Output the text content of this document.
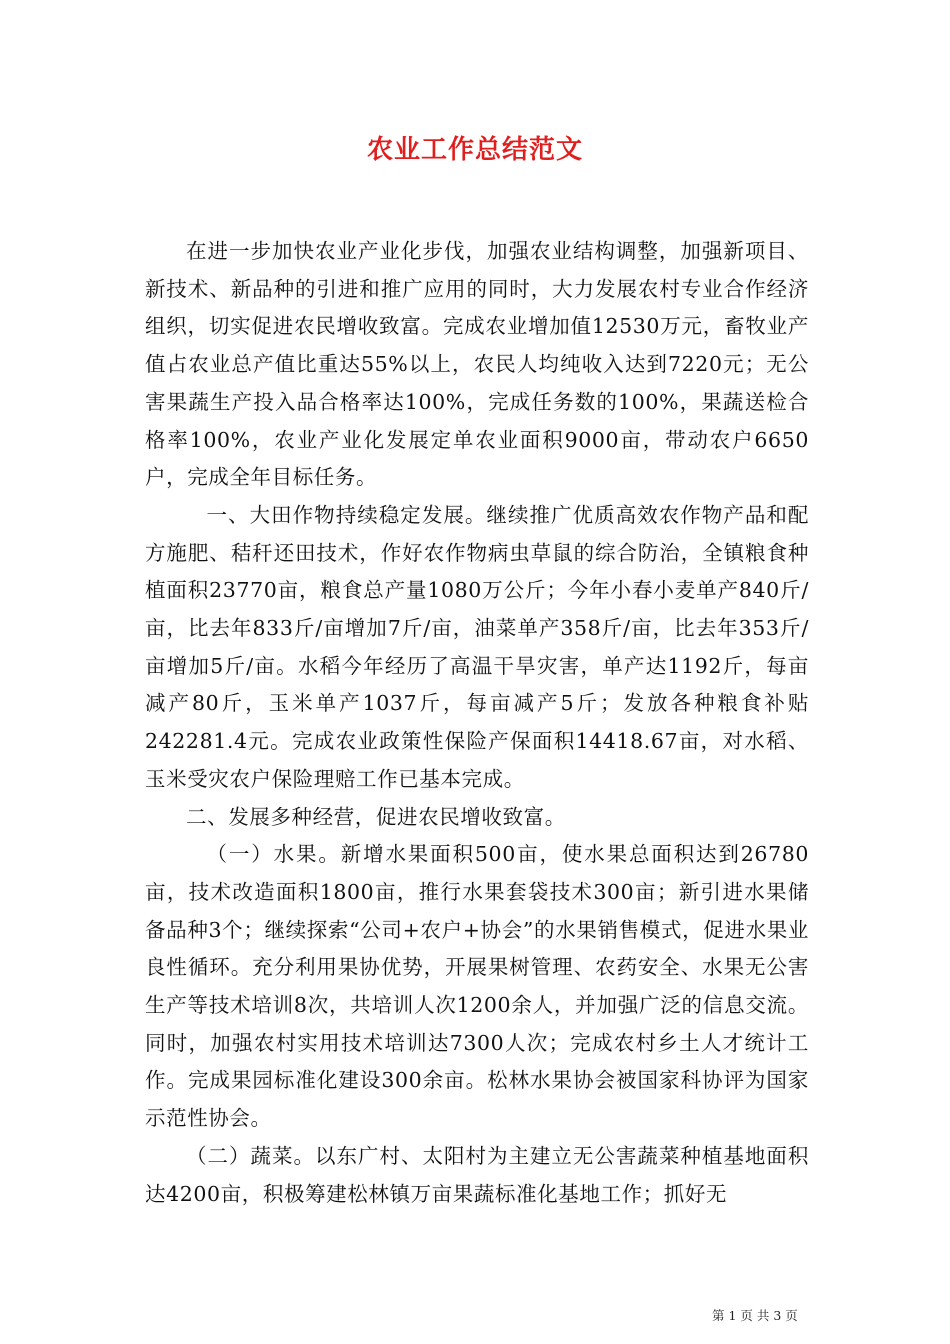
农业工作总结范文

在进一步加快农业产业化步伐，加强农业结构调整，加强新项目、新技术、新品种的引进和推广应用的同时，大力发展农村专业合作经济组织，切实促进农民增收致富。完成农业增加值12530万元，畜牧业产值占农业总产值比重达55%以上，农民人均纯收入达到7220元；无公害果蔬生产投入品合格率达100%，完成任务数的100%，果蔬送检合格率100%，农业产业化发展定单农业面积9000亩，带动农户6650户，完成全年目标任务。

一、大田作物持续稳定发展。继续推广优质高效农作物产品和配方施肥、秸秆还田技术，作好农作物病虫草鼠的综合防治，全镇粮食种植面积23770亩，粮食总产量1080万公斤；今年小春小麦单产840斤/亩，比去年833斤/亩增加7斤/亩，油菜单产358斤/亩，比去年353斤/亩增加5斤/亩。水稻今年经历了高温干旱灾害，单产达1192斤，每亩减产80斤，玉米单产1037斤，每亩减产5斤；发放各种粮食补贴242281.4元。完成农业政策性保险产保面积14418.67亩，对水稻、玉米受灾农户保险理赔工作已基本完成。

二、发展多种经营，促进农民增收致富。

（一）水果。新增水果面积500亩，使水果总面积达到26780亩，技术改造面积1800亩，推行水果套袋技术300亩；新引进水果储备品种3个；继续探索“公司+农户+协会”的水果销售模式，促进水果业良性循环。充分利用果协优势，开展果树管理、农药安全、水果无公害生产等技术培训8次，共培训人次1200余人，并加强广泛的信息交流。同时，加强农村实用技术培训达7300人次；完成农村乡土人才统计工作。完成果园标准化建设300余亩。松林水果协会被国家科协评为国家示范性协会。

（二）蔬菜。以东广村、太阳村为主建立无公害蔬菜种植基地面积达4200亩，积极筹建松林镇万亩果蔬标准化基地工作；抓好无

第 1 页 共 3 页
